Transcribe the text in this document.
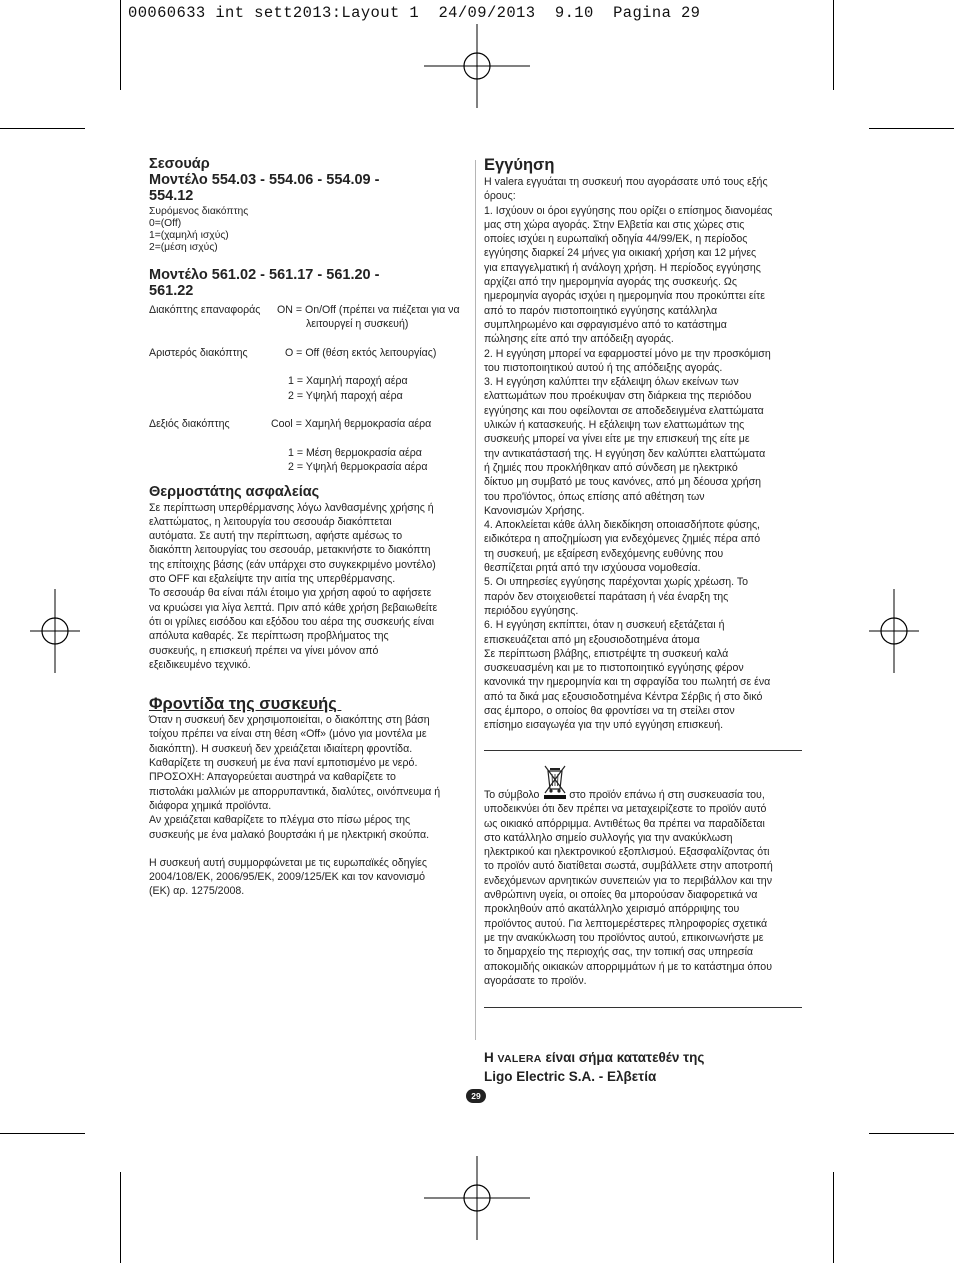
00060633 int sett2013:Layout 1  24/09/2013  9.10  Pagina 29

Σεσουάρ

Μοντέλο 554.03 - 554.06 - 554.09 -

554.12

Συρόμενος διακόπτης

0=(Off)

1=(χαμηλή ισχύς)

2=(μέση ισχύς)

Μοντέλο 561.02 - 561.17 - 561.20 -

561.22

Διακόπτης επαναφοράς ON = On/Off (πρέπει να πιέζεται για να
λειτουργεί η συσκευή)
Αριστερός διακόπτης	O = Off (θέση εκτός λειτουργίας)
1 = Χαμηλή παροχή αέρα
2 = Υψηλή παροχή αέρα
Δεξιός διακόπτης	Cool = Χαμηλή θερμοκρασία αέρα
1 = Μέση θερμοκρασία αέρα
2 = Υψηλή θερμοκρασία αέρα

Θερμοστάτης ασφαλείας

Σε περίπτωση υπερθέρμανσης λόγω λανθασμένης χρήσης ή

ελαττώματος, η λειτουργία του σεσουάρ διακόπτεται

αυτόματα. Σε αυτή την περίπτωση, αφήστε αμέσως το

διακόπτη λειτουργίας του σεσουάρ, μετακινήστε το διακόπτη

της επίτοιχης βάσης (εάν υπάρχει στο συγκεκριμένο μοντέλο)

στο OFF και εξαλείψτε την αιτία της υπερθέρμανσης.

Το σεσουάρ θα είναι πάλι έτοιμο για χρήση αφού το αφήσετε

να κρυώσει για λίγα λεπτά. Πριν από κάθε χρήση βεβαιωθείτε

ότι οι γρίλιες εισόδου και εξόδου του αέρα της συσκευής είναι

απόλυτα καθαρές. Σε περίπτωση προβλήματος της

συσκευής, η επισκευή πρέπει να γίνει μόνον από

εξειδικευμένο τεχνικό.

Φροντίδα της συσκευής

Όταν η συσκευή δεν χρησιμοποιείται, ο διακόπτης στη βάση

τοίχου πρέπει να είναι στη θέση «Off» (μόνο για μοντέλα με

διακόπτη). Η συσκευή δεν χρειάζεται ιδιαίτερη φροντίδα.

Καθαρίζετε τη συσκευή με ένα πανί εμποτισμένο με νερό.

ΠΡΟΣΟΧΗ: Απαγορεύεται αυστηρά να καθαρίζετε το

πιστολάκι μαλλιών με απορρυπαντικά, διαλύτες, οινόπνευμα ή

διάφορα χημικά προϊόντα.

Αν χρειάζεται καθαρίζετε το πλέγμα στο πίσω μέρος της

συσκευής με ένα μαλακό βουρτσάκι ή με ηλεκτρική σκούπα.

Η συσκευή αυτή συμμορφώνεται με τις ευρωπαϊκές οδηγίες

2004/108/ΕΚ, 2006/95/ΕΚ, 2009/125/ΕΚ και τον κανονισμό

(ΕΚ) αρ. 1275/2008.

Εγγύηση

Η valera εγγυάται τη συσκευή που αγοράσατε υπό τους εξής

όρους:

1. Ισχύουν οι όροι εγγύησης που ορίζει ο επίσημος διανομέας
μας στη χώρα αγοράς. Στην Ελβετία και στις χώρες στις
οποίες ισχύει η ευρωπαϊκή οδηγία 44/99/ΕΚ, η περίοδος
εγγύησης διαρκεί 24 μήνες για οικιακή χρήση και 12 μήνες
για επαγγελματική ή ανάλογη χρήση. Η περίοδος εγγύησης
αρχίζει από την ημερομηνία αγοράς της συσκευής. Ως
ημερομηνία αγοράς ισχύει η ημερομηνία που προκύπτει είτε
από το παρόν πιστοποιητικό εγγύησης κατάλληλα
συμπληρωμένο και σφραγισμένο από το κατάστημα
πώλησης είτε από την απόδειξη αγοράς.
2. Η εγγύηση μπορεί να εφαρμοστεί μόνο με την προσκόμιση
του πιστοποιητικού αυτού ή της απόδειξης αγοράς.
3. Η εγγύηση καλύπτει την εξάλειψη όλων εκείνων των
ελαττωμάτων που προέκυψαν στη διάρκεια της περιόδου
εγγύησης και που οφείλονται σε αποδεδειγμένα ελαττώματα
υλικών ή κατασκευής. Η εξάλειψη των ελαττωμάτων της
συσκευής μπορεί να γίνει είτε με την επισκευή της είτε με
την αντικατάστασή της. Η εγγύηση δεν καλύπτει ελαττώματα
ή ζημιές που προκλήθηκαν από σύνδεση με ηλεκτρικό
δίκτυο μη συμβατό με τους κανόνες, από μη δέουσα χρήση
του προ'ϊόντος, όπως επίσης από αθέτηση των
Κανονισμών Χρήσης.
4. Αποκλείεται κάθε άλλη διεκδίκηση οποιασδήποτε φύσης,
ειδικότερα η αποζημίωση για ενδεχόμενες ζημιές πέρα από
τη συσκευή, με εξαίρεση ενδεχόμενης ευθύνης που
θεσπίζεται ρητά από την ισχύουσα νομοθεσία.
5. Οι υπηρεσίες εγγύησης παρέχονται χωρίς χρέωση. Το
παρόν δεν στοιχειοθετεί παράταση ή νέα έναρξη της
περιόδου εγγύησης.
6. Η εγγύηση εκπίπτει, όταν η συσκευή εξετάζεται ή
επισκευάζεται από μη εξουσιοδοτημένα άτομα

Σε περίπτωση βλάβης, επιστρέψτε τη συσκευή καλά

συσκευασμένη και με το πιστοποιητικό εγγύησης φέρον

κανονικά την ημερομηνία και τη σφραγίδα του πωλητή σε ένα

από τα δικά μας εξουσιοδοτημένα Κέντρα Σέρβις ή στο δικό

σας έμπορο, ο οποίος θα φροντίσει να τη στείλει στον

επίσημο εισαγωγέα για την υπό εγγύηση επισκευή.

Το σύμβολο	στο προϊόν επάνω ή στη συσκευασία του,

υποδεικνύει ότι δεν πρέπει να μεταχειρίζεστε το προϊόν αυτό

ως οικιακό απόρριμμα. Αντιθέτως θα πρέπει να παραδίδεται

στο κατάλληλο σημείο συλλογής για την ανακύκλωση

ηλεκτρικού και ηλεκτρονικού εξοπλισμού. Εξασφαλίζοντας ότι

το προϊόν αυτό διατίθεται σωστά, συμβάλλετε στην αποτροπή

ενδεχόμενων αρνητικών συνεπειών για το περιβάλλον και την

ανθρώπινη υγεία, οι οποίες θα μπορούσαν διαφορετικά να

προκληθούν από ακατάλληλο χειρισμό απόρριψης του

προϊόντος αυτού. Για λεπτομερέστερες πληροφορίες σχετικά

με την ανακύκλωση του προϊόντος αυτού, επικοινωνήστε με

το δημαρχείο της περιοχής σας, την τοπική σας υπηρεσία

αποκομιδής οικιακών απορριμμάτων ή με το κατάστημα όπου

αγοράσατε το προϊόν.

Η VALERA είναι σήμα κατατεθέν της
Ligo Electric S.A. - Ελβετία
29
